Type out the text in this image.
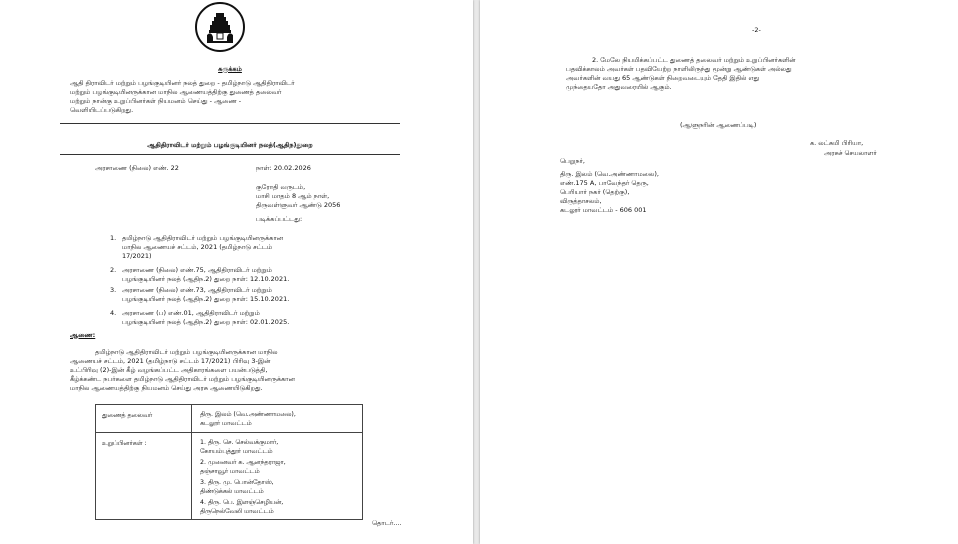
சுருக்கம்
ஆதி திராவிடர் மற்றும் பழங்குடியினர் நலத் துறை - தமிழ்நாடு ஆதிதிராவிடர்
மற்றும் பழங்குடியினருக்கான மாநில ஆணையத்திற்கு துணைத் தலைவர்
மற்றும் நான்கு உறுப்பினர்கள் நியமனம் செய்து - ஆணை -
வெளியிடப்படுகிறது.
ஆதிதிராவிடர் மற்றும் பழங்குடியினர் நலத்(ஆதிந)துறை
அரசாணை (நிலை) எண். 22	நாள்: 20.02.2026
குரோதி வருடம்,
மாசி மாதம் 8 ஆம் நாள்,
திருவள்ளுவர் ஆண்டு 2056
படிக்கப்பட்டது:
1. தமிழ்நாடு ஆதிதிராவிடர் மற்றும் பழங்குடியினருக்கான
மாநில ஆணையச் சட்டம், 2021 (தமிழ்நாடு சட்டம்
17/2021)
2. அரசாணை (நிலை) எண்.75, ஆதிதிராவிடர் மற்றும்
பழங்குடியினர் நலத் (ஆதிந.2) துறை நாள்: 12.10.2021.
3. அரசாணை (நிலை) எண்.73, ஆதிதிராவிடர் மற்றும்
பழங்குடியினர் நலத் (ஆதிந.2) துறை நாள்: 15.10.2021.
4. அரசாணை (ப) எண்.01, ஆதிதிராவிடர் மற்றும்
பழங்குடியினர் நலத் (ஆதிந.2) துறை நாள்: 02.01.2025.
ஆணை:
தமிழ்நாடு ஆதிதிராவிடர் மற்றும் பழங்குடியினருக்கான மாநில
ஆணையச் சட்டம், 2021 (தமிழ்நாடு சட்டம் 17/2021) பிரிவு 3-இன்
உட்பிரிவு (2)-இன் கீழ் வழங்கப்பட்ட அதிகாரங்களை பயன்படுத்தி,
கீழ்க்கண்ட நபர்களை தமிழ்நாடு ஆதிதிராவிடர் மற்றும் பழங்குடியினருக்கான
மாநில ஆணையத்திற்கு நியமனம் செய்து அரசு ஆணையிடுகிறது.
துணைத் தலைவர்	திரு. இலம் (வெ.அண்ணாமலை),
கடலூர் மாவட்டம்
உறுப்பினர்கள் :	1. திரு. செ. செல்வக்குமார்,
கோயம்புத்தூர் மாவட்டம்
2. முனைவர் க. ஆனந்தராஜா,
தஞ்சாவூர் மாவட்டம்
3. திரு. மு. பொன்தோஸ்,
திண்டுக்கல் மாவட்டம்
4. திரு. பெ. இளஞ்செழியன்,
திருநெல்வேலி மாவட்டம்
தொடர்....
-2-
2. மேலே நியமிக்கப்பட்ட துணைத் தலைவர் மற்றும் உறுப்பினர்களின்
பதவிக்காலம் அவர்கள் பதவியேற்ற நாளிலிருந்து மூன்று ஆண்டுகள் அல்லது
அவர்களின் வயது 65 ஆண்டுகள் நிறைவடையும் தேதி இதில் எது
முந்தையதோ அதுவரையில் ஆகும்.
(ஆளுநரின் ஆணைப்படி)
க. லட்சுமி பிரியா,
அரசுச் செயலாளர்
பெறுநர்,
திரு. இலம் (வெ.அண்ணாமலை),
எண்.175 A, பாவேந்தர் தெரு,
பெரியார் நகர் (தெற்கு),
விருத்தாசலம்,
கடலூர் மாவட்டம் - 606 001
